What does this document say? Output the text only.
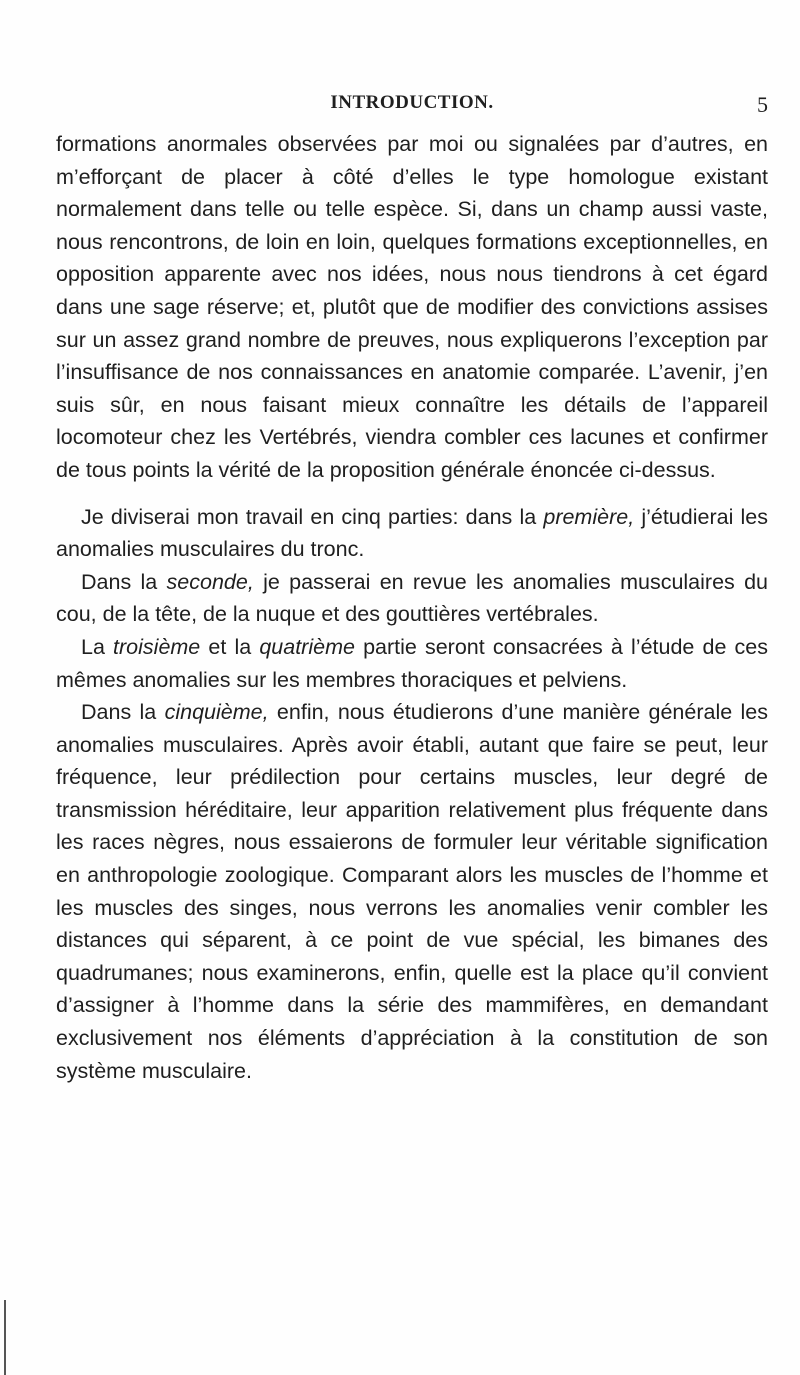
INTRODUCTION.	5

formations anormales observées par moi ou signalées par d’autres, en m’efforçant de placer à côté d’elles le type homologue existant normalement dans telle ou telle espèce. Si, dans un champ aussi vaste, nous rencontrons, de loin en loin, quelques formations exceptionnelles, en opposition apparente avec nos idées, nous nous tiendrons à cet égard dans une sage réserve; et, plutôt que de modifier des convictions assises sur un assez grand nombre de preuves, nous expliquerons l’exception par l’insuffisance de nos connaissances en anatomie comparée. L’avenir, j’en suis sûr, en nous faisant mieux connaître les détails de l’appareil locomoteur chez les Vertébrés, viendra combler ces lacunes et confirmer de tous points la vérité de la proposition générale énoncée ci-dessus.

Je diviserai mon travail en cinq parties: dans la première, j’étudierai les anomalies musculaires du tronc.

Dans la seconde, je passerai en revue les anomalies musculaires du cou, de la tête, de la nuque et des gouttières vertébrales.

La troisième et la quatrième partie seront consacrées à l’étude de ces mêmes anomalies sur les membres thoraciques et pelviens.

Dans la cinquième, enfin, nous étudierons d’une manière générale les anomalies musculaires. Après avoir établi, autant que faire se peut, leur fréquence, leur prédilection pour certains muscles, leur degré de transmission héréditaire, leur apparition relativement plus fréquente dans les races nègres, nous essaierons de formuler leur véritable signification en anthropologie zoologique. Comparant alors les muscles de l’homme et les muscles des singes, nous verrons les anomalies venir combler les distances qui séparent, à ce point de vue spécial, les bimanes des quadrumanes; nous examinerons, enfin, quelle est la place qu’il convient d’assigner à l’homme dans la série des mammifères, en demandant exclusivement nos éléments d’appréciation à la constitution de son système musculaire.
